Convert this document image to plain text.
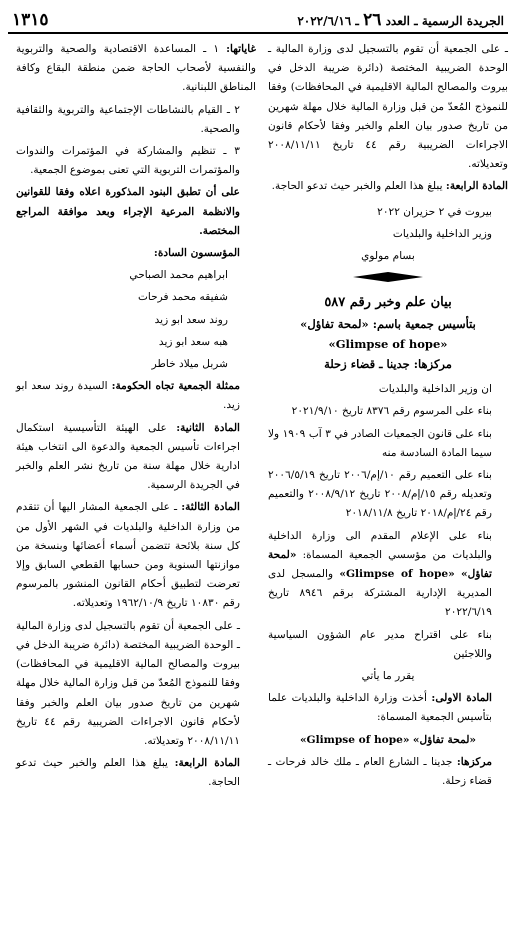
الجريدة الرسمية ـ العدد ٢٦ ـ ٢٠٢٢/٦/١٦
١٣١٥

ـ على الجمعية أن تقوم بالتسجيل لدى وزارة المالية ـ الوحدة الضريبية المختصة (دائرة ضريبة الدخل في بيروت والمصالح المالية الاقليمية في المحافظات) وفقا للنموذج المُعدّ من قبل وزارة المالية خلال مهلة شهرين من تاريخ صدور بيان العلم والخبر وفقا لأحكام قانون الاجراءات الضريبية رقم ٤٤ تاريخ ٢٠٠٨/١١/١١ وتعديلاته.

المادة الرابعة: يبلغ هذا العلم والخبر حيث تدعو الحاجة.

بيروت في ٢ حزيران ٢٠٢٢

وزير الداخلية والبلديات

بسام مولوي

بيان علم وخبر رقم ٥٨٧
بتأسيس جمعية باسم: «لمحة تفاؤل»
«Glimpse of hope»
مركزها: جدينا ـ قضاء زحلة

ان وزير الداخلية والبلديات

بناء على المرسوم رقم ٨٣٧٦ تاريخ ٢٠٢١/٩/١٠

بناء على قانون الجمعيات الصادر في ٣ آب ١٩٠٩ ولا سيما المادة السادسة منه

بناء على التعميم رقم ١٠/إم/٢٠٠٦ تاريخ ٢٠٠٦/٥/١٩ وتعديله رقم ١٥/إم/٢٠٠٨ تاريخ ٢٠٠٨/٩/١٢ والتعميم رقم ٢٤/إم/٢٠١٨ تاريخ ٢٠١٨/١١/٨

بناء على الإعلام المقدم الى وزارة الداخلية والبلديات من مؤسسي الجمعية المسماة: «لمحة تفاؤل» «Glimpse of hope» والمسجل لدى المديرية الإدارية المشتركة برقم ٨٩٤٦ تاريخ ٢٠٢٢/٦/١٩

بناء على اقتراح مدير عام الشؤون السياسية واللاجئين

يقرر ما يأتي

المادة الاولى: أخذت وزارة الداخلية والبلديات علما بتأسيس الجمعية المسماة:

«لمحة تفاؤل» «Glimpse of hope»

مركزها: جدينا ـ الشارع العام ـ ملك خالد فرحات ـ قضاء زحلة.

غاياتها: ١ ـ المساعدة الاقتصادية والصحية والتربوية والنفسية لأصحاب الحاجة ضمن منطقة البقاع وكافة المناطق اللبنانية.

٢ ـ القيام بالنشاطات الإجتماعية والتربوية والثقافية والصحية.

٣ ـ تنظيم والمشاركة في المؤتمرات والندوات والمؤتمرات التربوية التي تعنى بموضوع الجمعية.

على أن تطبق البنود المذكورة اعلاه وفقا للقوانين والانظمة المرعية الإجراء وبعد موافقة المراجع المختصة.

المؤسسون السادة:

ابراهيم محمد الصباحي

شفيقه محمد فرحات

روند سعد ابو زيد

هبه سعد ابو زيد

شربل ميلاد خاطر

ممثلة الجمعية تجاه الحكومة: السيدة روند سعد ابو زيد.

المادة الثانية: على الهيئة التأسيسية استكمال اجراءات تأسيس الجمعية والدعوة الى انتخاب هيئة ادارية خلال مهلة سنة من تاريخ نشر العلم والخبر في الجريدة الرسمية.

المادة الثالثة: ـ على الجمعية المشار اليها أن تتقدم من وزارة الداخلية والبلديات في الشهر الأول من كل سنة بلائحة تتضمن أسماء أعضائها وبنسخة من موازنتها السنوية ومن حسابها القطعي السابق وإلا تعرضت لتطبيق أحكام القانون المنشور بالمرسوم رقم ١٠٨٣٠ تاريخ ١٩٦٢/١٠/٩ وتعديلاته.

ـ على الجمعية أن تقوم بالتسجيل لدى وزارة المالية ـ الوحدة الضريبية المختصة (دائرة ضريبة الدخل في بيروت والمصالح المالية الاقليمية في المحافظات) وفقا للنموذج المُعدّ من قبل وزارة المالية خلال مهلة شهرين من تاريخ صدور بيان العلم والخبر وفقا لأحكام قانون الاجراءات الضريبية رقم ٤٤ تاريخ ٢٠٠٨/١١/١١ وتعديلاته.

المادة الرابعة: يبلغ هذا العلم والخبر حيث تدعو الحاجة.
